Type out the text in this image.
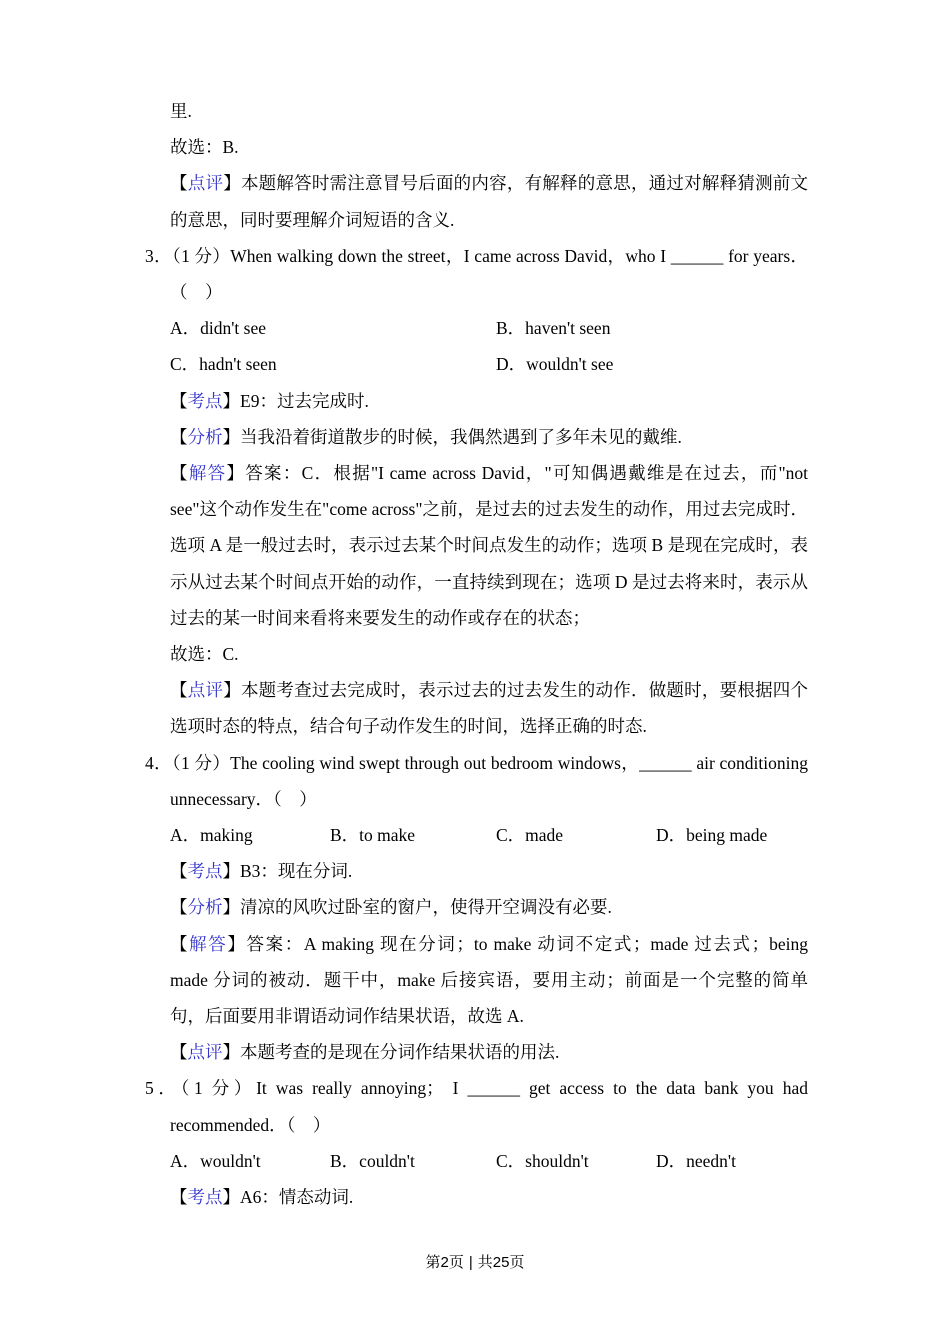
里.

故选：B.

【点评】本题解答时需注意冒号后面的内容，有解释的意思，通过对解释猜测前文的意思，同时要理解介词短语的含义.

3．（1 分）When walking down the street，I came across David，who I ______ for years．（　）

A．didn't see	B．haven't seen
C．hadn't seen	D．wouldn't see

【考点】E9：过去完成时.

【分析】当我沿着街道散步的时候，我偶然遇到了多年未见的戴维.

【解答】答案：C．根据"I came across David，"可知偶遇戴维是在过去，而"not see"这个动作发生在"come across"之前，是过去的过去发生的动作，用过去完成时．选项 A 是一般过去时，表示过去某个时间点发生的动作；选项 B 是现在完成时，表示从过去某个时间点开始的动作，一直持续到现在；选项 D 是过去将来时，表示从过去的某一时间来看将来要发生的动作或存在的状态；

故选：C.

【点评】本题考查过去完成时，表示过去的过去发生的动作．做题时，要根据四个选项时态的特点，结合句子动作发生的时间，选择正确的时态.

4．（1 分）The cooling wind swept through out bedroom windows，______ air conditioning unnecessary．（　）

A．making	B．to make	C．made	D．being made

【考点】B3：现在分词.

【分析】清凉的风吹过卧室的窗户，使得开空调没有必要.

【解答】答案：A making 现在分词；to make 动词不定式；made 过去式；being made 分词的被动．题干中，make 后接宾语，要用主动；前面是一个完整的简单句，后面要用非谓语动词作结果状语，故选 A.

【点评】本题考查的是现在分词作结果状语的用法.

5．（1 分）It was really annoying； I ______ get access to the data bank you had recommended．（　）

A．wouldn't	B．couldn't	C．shouldn't	D．needn't

【考点】A6：情态动词.

第2页 | 共25页
